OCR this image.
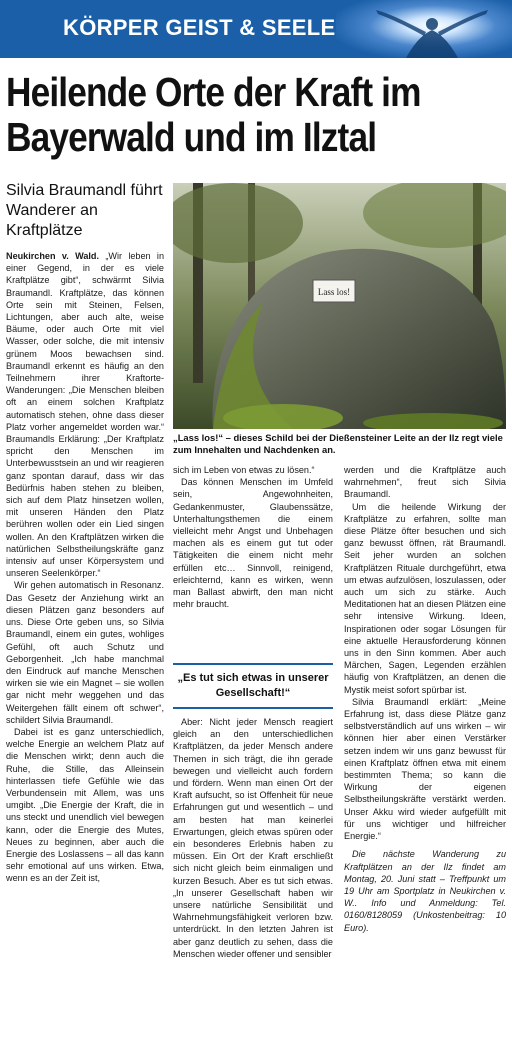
KÖRPER GEIST & SEELE
Heilende Orte der Kraft im
Bayerwald und im Ilztal
Silvia Braumandl führt Wanderer an Kraftplätze
Lass los!
„Lass los!“ – dieses Schild bei der Dießensteiner Leite an der Ilz regt viele zum Innehalten und Nachdenken an.

Neukirchen v. Wald. „Wir leben in einer Gegend, in der es viele Kraftplätze gibt“, schwärmt Silvia Braumandl. Kraftplätze, das können Orte sein mit Steinen, Felsen, Lichtungen, aber auch alte, weise Bäume, oder auch Orte mit viel Wasser, oder solche, die mit intensiv grünem Moos bewachsen sind. Braumandl erkennt es häufig an den Teilnehmern ihrer Kraftorte-Wanderungen: „Die Menschen bleiben oft an einem solchen Kraftplatz automatisch stehen, ohne dass dieser Platz vorher angemeldet worden war.“ Braumandls Erklärung: „Der Kraftplatz spricht den Menschen im Unterbewusstsein an und wir reagieren ganz spontan darauf, dass wir das Bedürfnis haben stehen zu bleiben, sich auf dem Platz hinsetzen wollen, mit unseren Händen den Platz berühren wollen oder ein Lied singen wollen. An den Kraftplätzen wirken die natürlichen Selbstheilungskräfte ganz intensiv auf unser Körpersystem und unseren Seelenkörper.“

Wir gehen automatisch in Resonanz. Das Gesetz der Anziehung wirkt an diesen Plätzen ganz besonders auf uns. Diese Orte geben uns, so Silvia Braumandl, einem ein gutes, wohliges Gefühl, oft auch Schutz und Geborgenheit. „Ich habe manchmal den Eindruck auf manche Menschen wirken sie wie ein Magnet – sie wollen gar nicht mehr weggehen und das Weitergehen fällt einem oft schwer“, schildert Silvia Braumandl.

Dabei ist es ganz unterschiedlich, welche Energie an welchem Platz auf die Menschen wirkt; denn auch die Ruhe, die Stille, das Alleinsein hinterlassen tiefe Gefühle wie das Verbundensein mit Allem, was uns umgibt. „Die Energie der Kraft, die in uns steckt und unendlich viel bewegen kann, oder die Energie des Mutes, Neues zu beginnen, aber auch die Energie des Loslassens – all das kann sehr emotional auf uns wirken. Etwa, wenn es an der Zeit ist,

sich im Leben von etwas zu lösen.“

Das können Menschen im Umfeld sein, Angewohnheiten, Gedankenmuster, Glaubenssätze, Unterhaltungsthemen die einem vielleicht mehr Angst und Unbehagen machen als es einem gut tut oder Tätigkeiten die einem nicht mehr erfüllen etc… Sinnvoll, reinigend, erleichternd, kann es wirken, wenn man Ballast abwirft, den man nicht mehr braucht.

„Es tut sich etwas in unserer Gesellschaft!“

Aber: Nicht jeder Mensch reagiert gleich an den unterschiedlichen Kraftplätzen, da jeder Mensch andere Themen in sich trägt, die ihn gerade bewegen und vielleicht auch fordern und fördern. Wenn man einen Ort der Kraft aufsucht, so ist Offenheit für neue Erfahrungen gut und wesentlich – und am besten hat man keinerlei Erwartungen, gleich etwas spüren oder ein besonderes Erlebnis haben zu müssen. Ein Ort der Kraft erschließt sich nicht gleich beim einmaligen und kurzen Besuch. Aber es tut sich etwas. „In unserer Gesellschaft haben wir unsere natürliche Sensibilität und Wahrnehmungsfähigkeit verloren bzw. unterdrückt. In den letzten Jahren ist aber ganz deutlich zu sehen, dass die Menschen wieder offener und sensibler

werden und die Kraftplätze auch wahrnehmen“, freut sich Silvia Braumandl.

Um die heilende Wirkung der Kraftplätze zu erfahren, sollte man diese Plätze öfter besuchen und sich ganz bewusst öffnen, rät Braumandl. Seit jeher wurden an solchen Kraftplätzen Rituale durchgeführt, etwa um etwas aufzulösen, loszulassen, oder auch um sich zu stärke. Auch Meditationen hat an diesen Plätzen eine sehr intensive Wirkung. Ideen, Inspirationen oder sogar Lösungen für eine aktuelle Herausforderung können uns in den Sinn kommen. Aber auch Märchen, Sagen, Legenden erzählen häufig von Kraftplätzen, an denen die Mystik meist sofort spürbar ist.

Silvia Braumandl erklärt: „Meine Erfahrung ist, dass diese Plätze ganz selbstverständlich auf uns wirken – wir können hier aber einen Verstärker setzen indem wir uns ganz bewusst für einen Kraftplatz öffnen etwa mit einem bestimmten Thema; so kann die Wirkung der eigenen Selbstheilungskräfte verstärkt werden. Unser Akku wird wieder aufgefüllt mit für uns wichtiger und hilfreicher Energie.“

Die nächste Wanderung zu Kraftplätzen an der Ilz findet am Montag, 20. Juni statt – Treffpunkt um 19 Uhr am Sportplatz in Neukirchen v. W.. Info und Anmeldung: Tel. 0160/8128059 (Unkostenbeitrag: 10 Euro).
